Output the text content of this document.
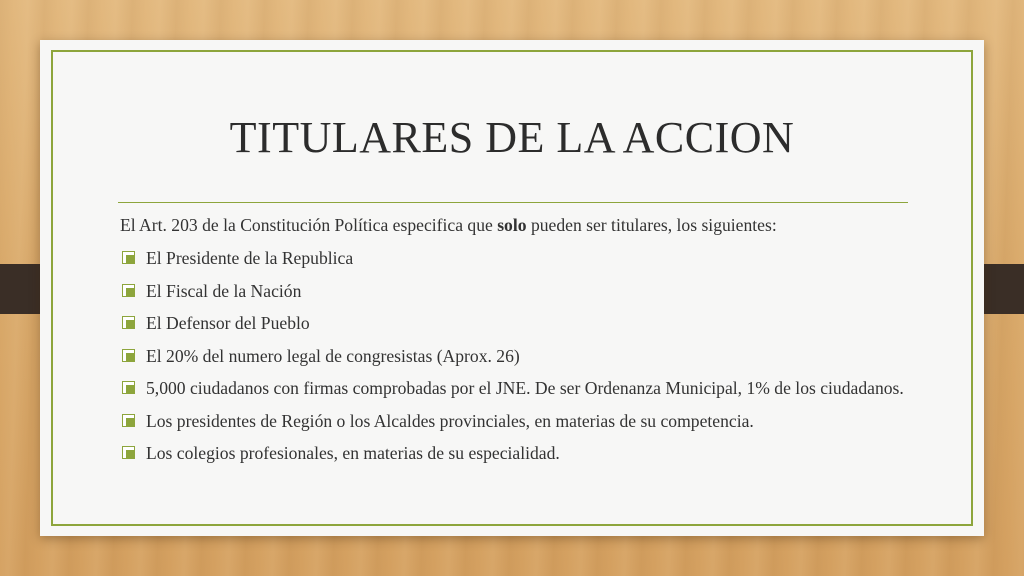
TITULARES DE LA ACCION

El Art. 203 de la Constitución Política especifica que solo pueden ser titulares, los siguientes:

El Presidente de la Republica
El Fiscal de la Nación
El Defensor del Pueblo
El 20% del numero legal de congresistas (Aprox. 26)
5,000 ciudadanos con firmas comprobadas por el JNE. De ser Ordenanza Municipal, 1% de los ciudadanos.
Los presidentes de Región o los Alcaldes provinciales, en materias de su competencia.
Los colegios profesionales, en materias de su especialidad.
